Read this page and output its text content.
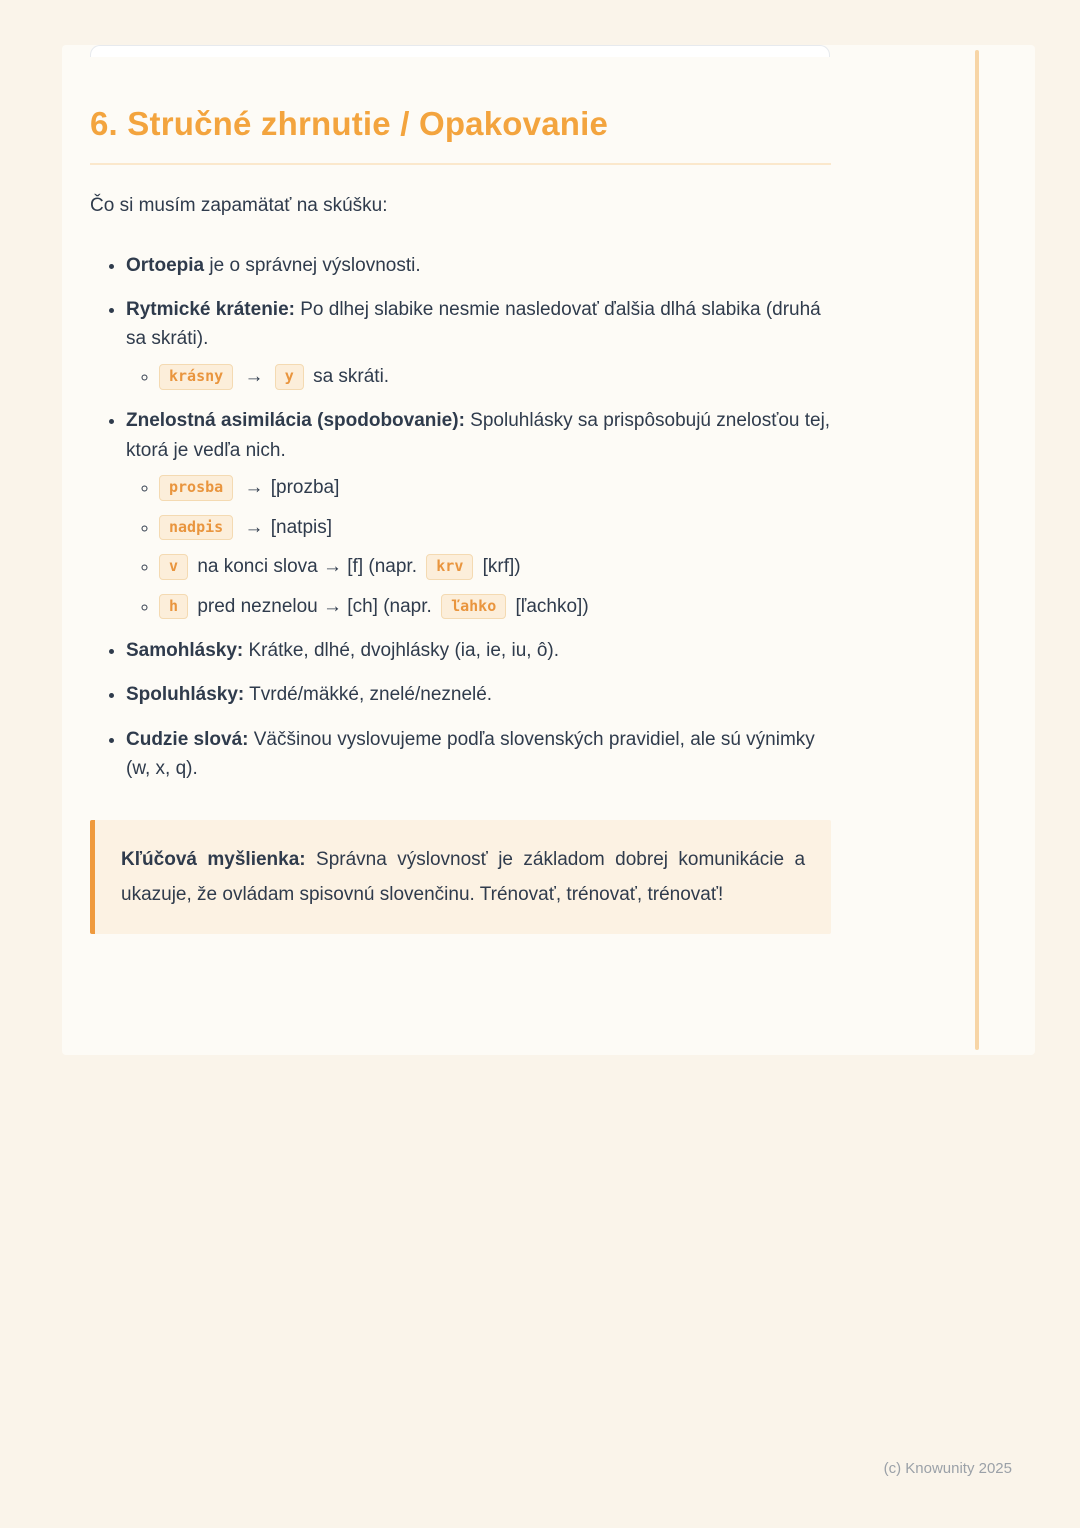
6. Stručné zhrnutie / Opakovanie

Čo si musím zapamätať na skúšku:

• Ortoepia je o správnej výslovnosti.
• Rytmické krátenie: Po dlhej slabike nesmie nasledovať ďalšia dlhá slabika (druhá sa skráti).
◦ krásny → y sa skráti.
• Znelostná asimilácia (spodobovanie): Spoluhlásky sa prispôsobujú znelosťou tej, ktorá je vedľa nich.
◦ prosba → [prozba]
◦ nadpis → [natpis]
◦ v na konci slova → [f] (napr. krv [krf])
◦ h pred neznelou → [ch] (napr. ľahko [ľachko])
• Samohlásky: Krátke, dlhé, dvojhlásky (ia, ie, iu, ô).
• Spoluhlásky: Tvrdé/mäkké, znelé/neznelé.
• Cudzie slová: Väčšinou vyslovujeme podľa slovenských pravidiel, ale sú výnimky (w, x, q).
Kľúčová myšlienka: Správna výslovnosť je základom dobrej komunikácie a ukazuje, že ovládam spisovnú slovenčinu. Trénovať, trénovať, trénovať!
(c) Knowunity 2025
